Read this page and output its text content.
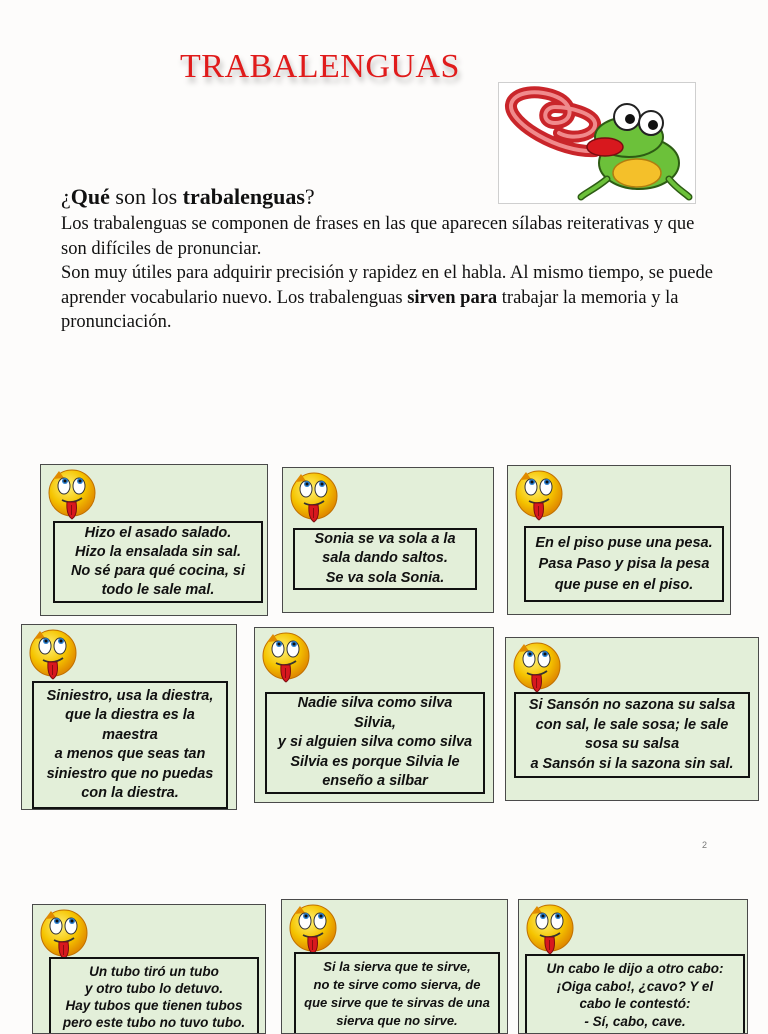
TRABALENGUAS
¿Qué son los trabalenguas?

Los trabalenguas se componen de frases en las que aparecen sílabas reiterativas y que son difíciles de pronunciar.

Son muy útiles para adquirir precisión y rapidez en el habla. Al mismo tiempo, se puede aprender vocabulario nuevo. Los trabalenguas sirven para trabajar la memoria y la pronunciación.

Hizo el asado salado.
Hizo la ensalada sin sal.
No sé para qué cocina, si
todo le sale mal.
Sonia se va sola a la
sala dando saltos.
Se va sola Sonia.
En el piso puse una pesa.
Pasa Paso y pisa la pesa
que puse en el piso.
Siniestro, usa la diestra,
que la diestra es la
maestra
a menos que seas tan
siniestro que no puedas
con la diestra.
Nadie silva como silva
Silvia,
y si alguien silva como silva
Silvia es porque Silvia le
enseño a silbar
Si Sansón no sazona su salsa
con sal, le sale sosa; le sale
sosa su salsa
a Sansón si la sazona sin sal.
2
Un tubo tiró un tubo
y otro tubo lo detuvo.
Hay tubos que tienen tubos
pero este tubo no tuvo tubo.
Si la sierva que te sirve,
no te sirve como sierva, de
que sirve que te sirvas de una
sierva que no sirve.
Un cabo le dijo a otro cabo:
¡Oiga cabo!, ¿cavo? Y el
cabo le contestó:
- Sí, cabo, cave.
